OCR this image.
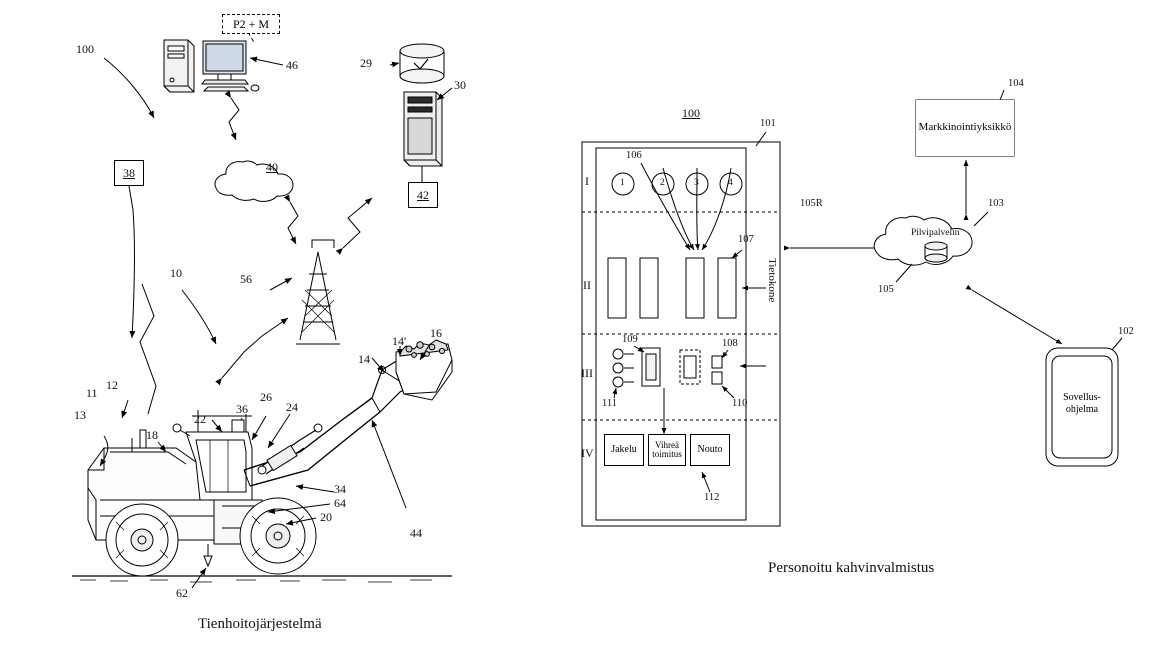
P2 + M
38
42
100
46	29
30
40
10	56
11
12
13
18
22
36
26
24
14
14'
16
34
64
20
44
62
Tienhoitojärjestelmä
100
101
106
107
109	108
111	110
112
105R
105
103
104
102
I
II
III
IV
1	2	3	4
Tietokone
Pilvipalvelin
Markkinointiyksikkö
Sovellus-
ohjelma
Jakelu	Vihreä
toimitus	Nouto
Personoitu kahvinvalmistus
